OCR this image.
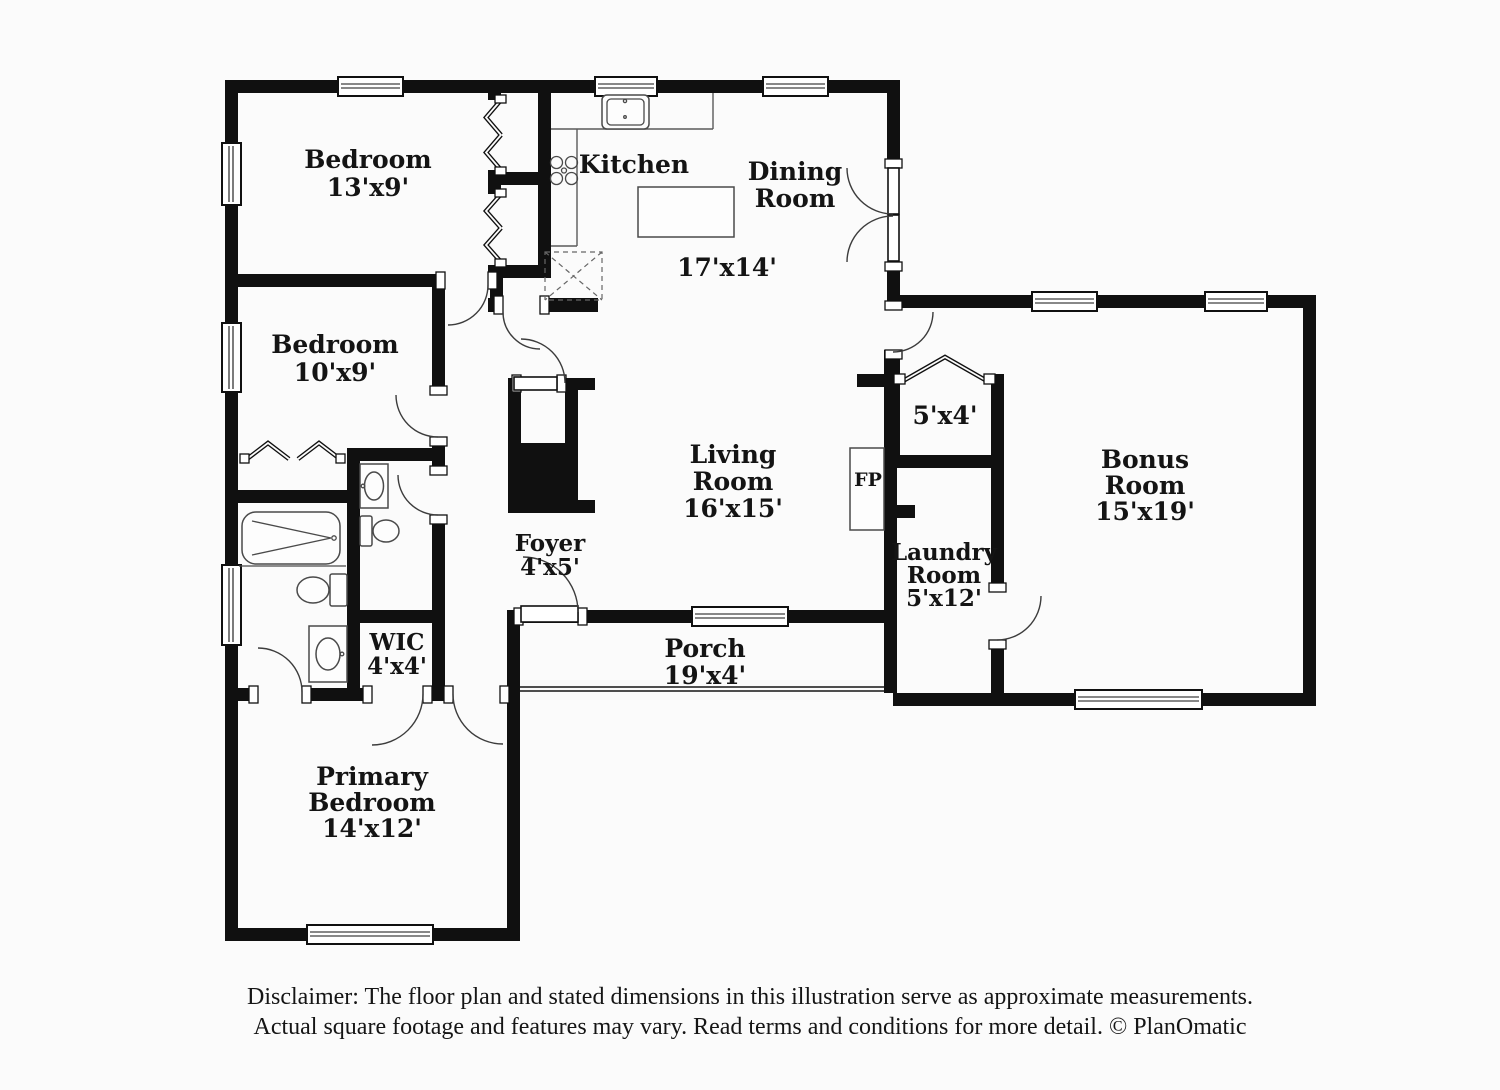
Bedroom
13'x9'
Kitchen Dining
Room
17'x14'
Bedroom
10'x9'
Living
Room
16'x15'
5'x4'
FP
Bonus
Room
15'x19'
Foyer
4'x5'
Laundry
Room
5'x12'
WIC
4'x4'
Porch
19'x4'
Primary
Bedroom
14'x12'
Disclaimer: The floor plan and stated dimensions in this illustration serve as approximate measurements.
Actual square footage and features may vary. Read terms and conditions for more detail. © PlanOmatic
